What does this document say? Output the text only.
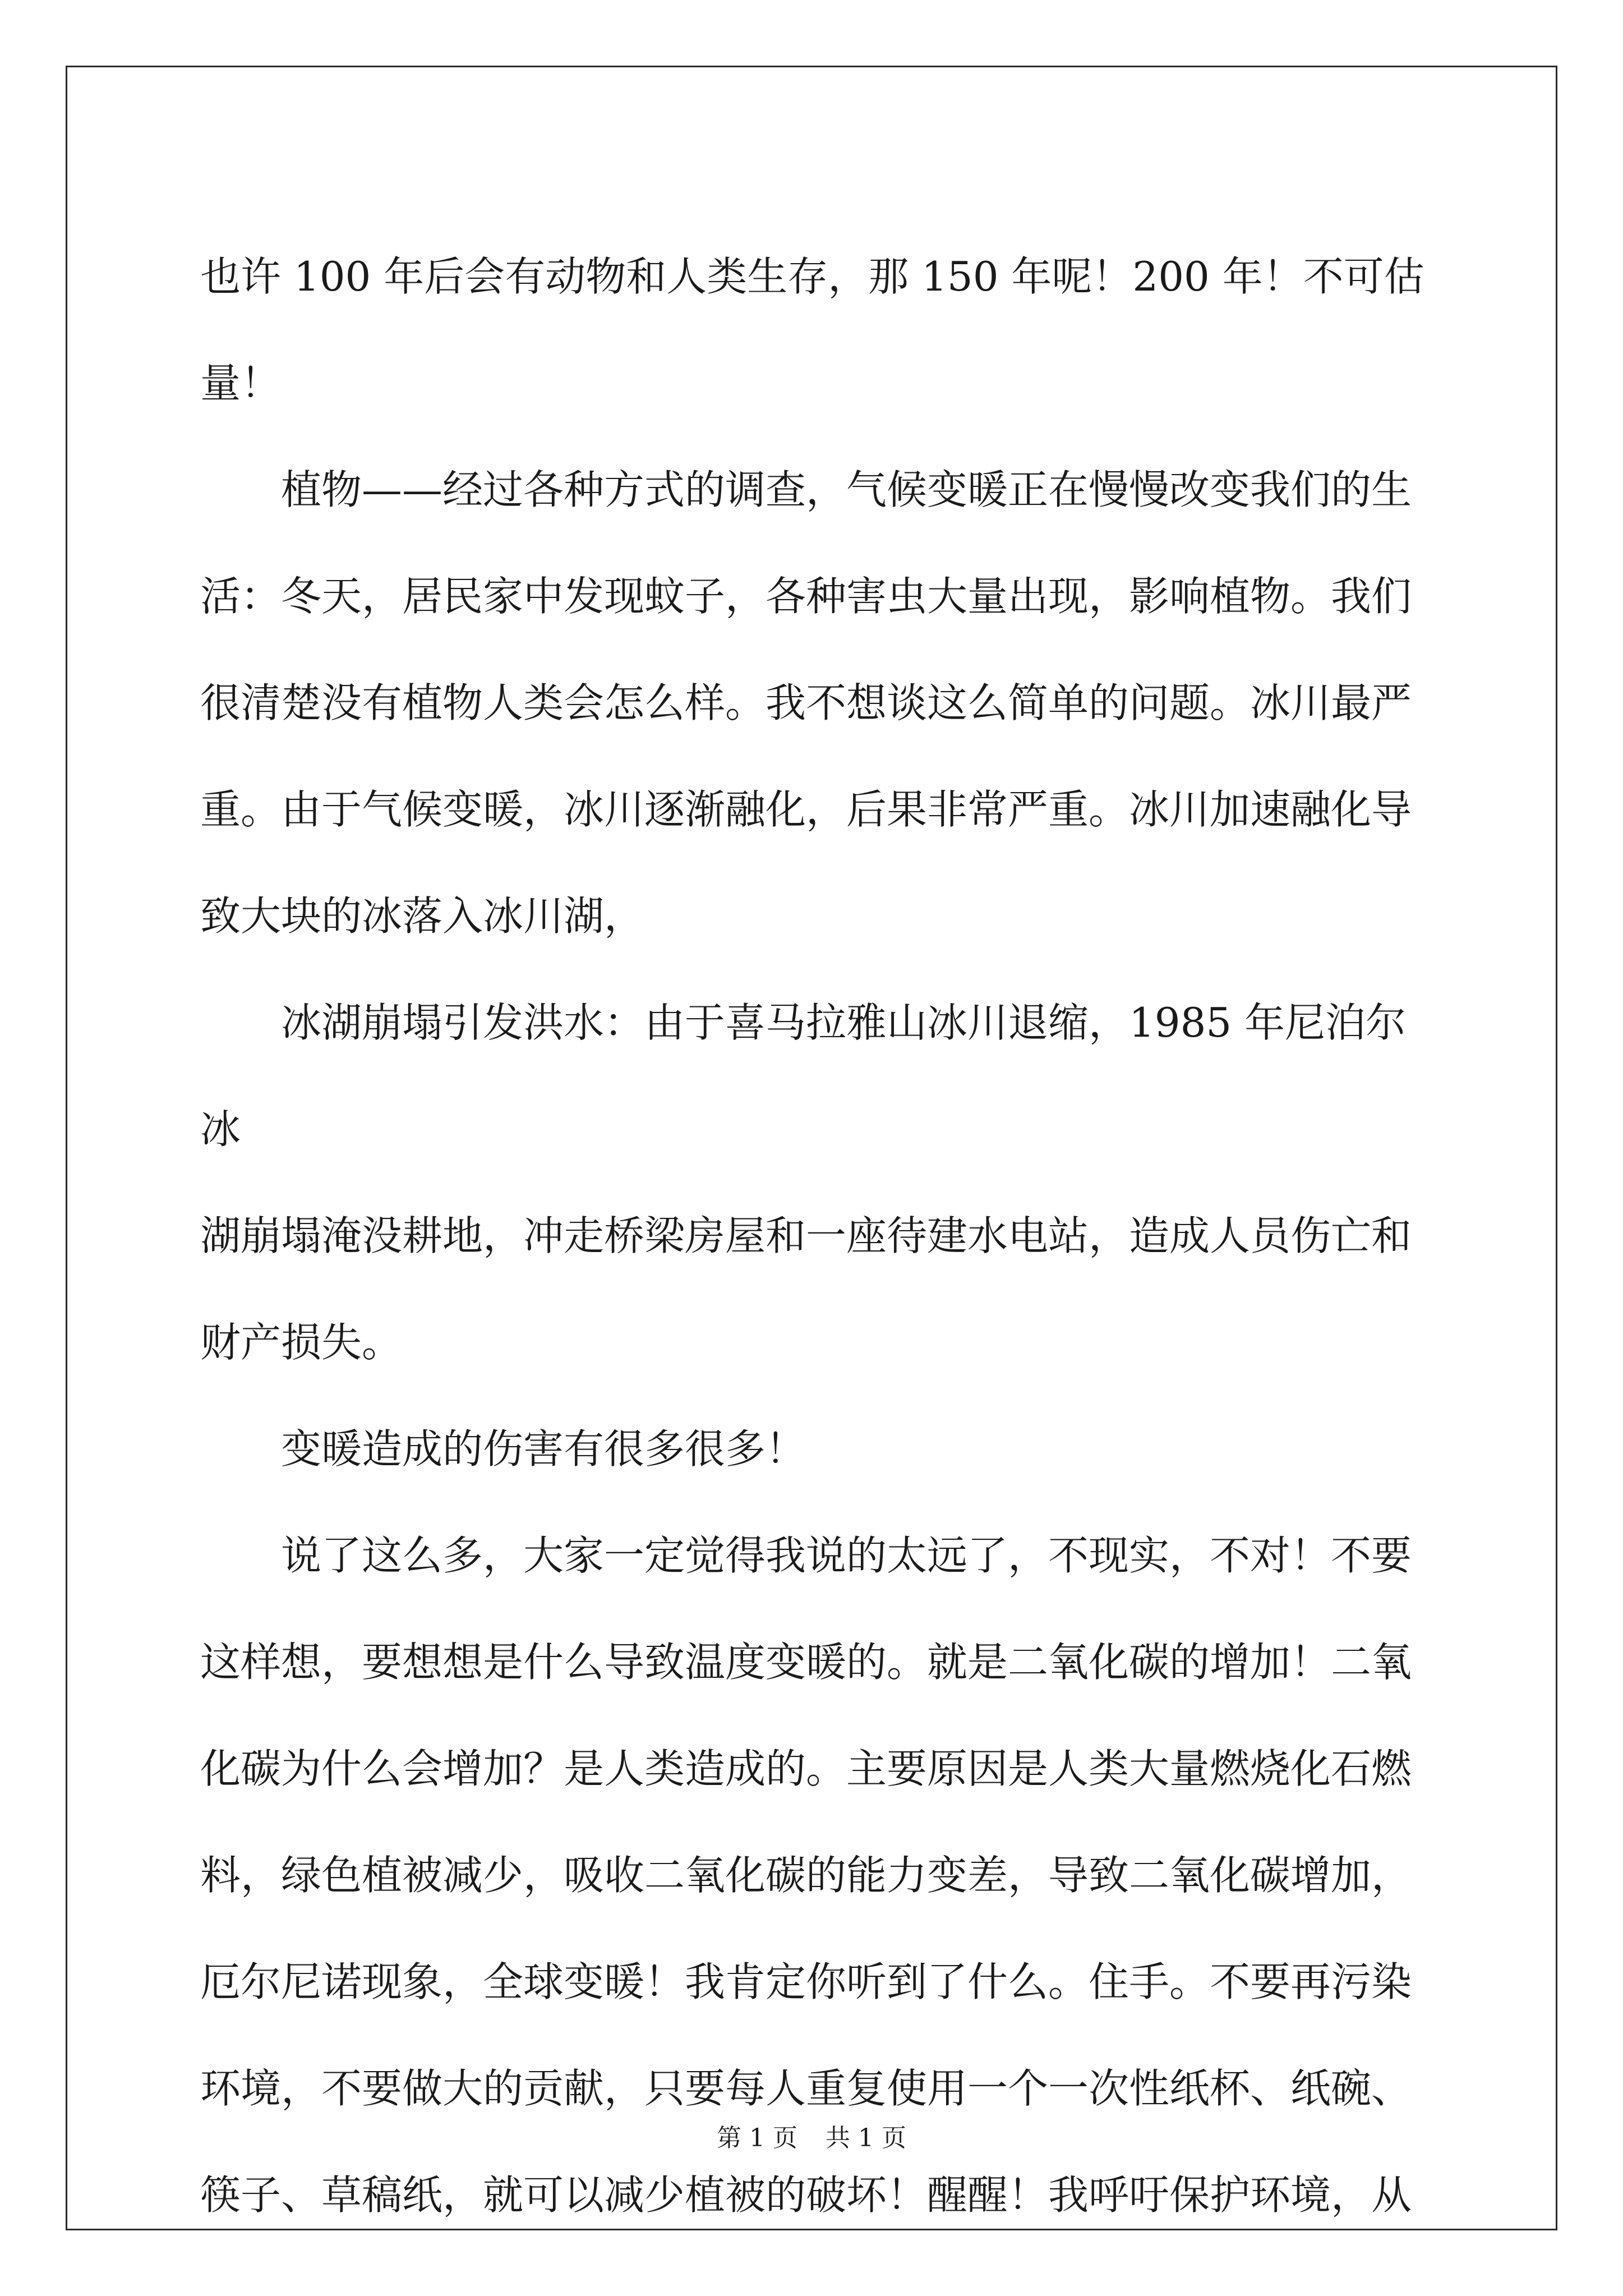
也许 100 年后会有动物和人类生存，那 150 年呢！200 年！不可估量！

　　植物——经过各种方式的调查，气候变暖正在慢慢改变我们的生

活：冬天，居民家中发现蚊子，各种害虫大量出现，影响植物。我们

很清楚没有植物人类会怎么样。我不想谈这么简单的问题。冰川最严

重。由于气候变暖，冰川逐渐融化，后果非常严重。冰川加速融化导

致大块的冰落入冰川湖，

　　冰湖崩塌引发洪水：由于喜马拉雅山冰川退缩，1985 年尼泊尔冰

湖崩塌淹没耕地，冲走桥梁房屋和一座待建水电站，造成人员伤亡和

财产损失。

　　变暖造成的伤害有很多很多！

　　说了这么多，大家一定觉得我说的太远了，不现实，不对！不要

这样想，要想想是什么导致温度变暖的。就是二氧化碳的增加！二氧

化碳为什么会增加？是人类造成的。主要原因是人类大量燃烧化石燃

料，绿色植被减少，吸收二氧化碳的能力变差，导致二氧化碳增加，

厄尔尼诺现象，全球变暖！我肯定你听到了什么。住手。不要再污染

环境，不要做大的贡献，只要每人重复使用一个一次性纸杯、纸碗、

筷子、草稿纸，就可以减少植被的破坏！醒醒！我呼吁保护环境，从

第 1 页 共 1 页
